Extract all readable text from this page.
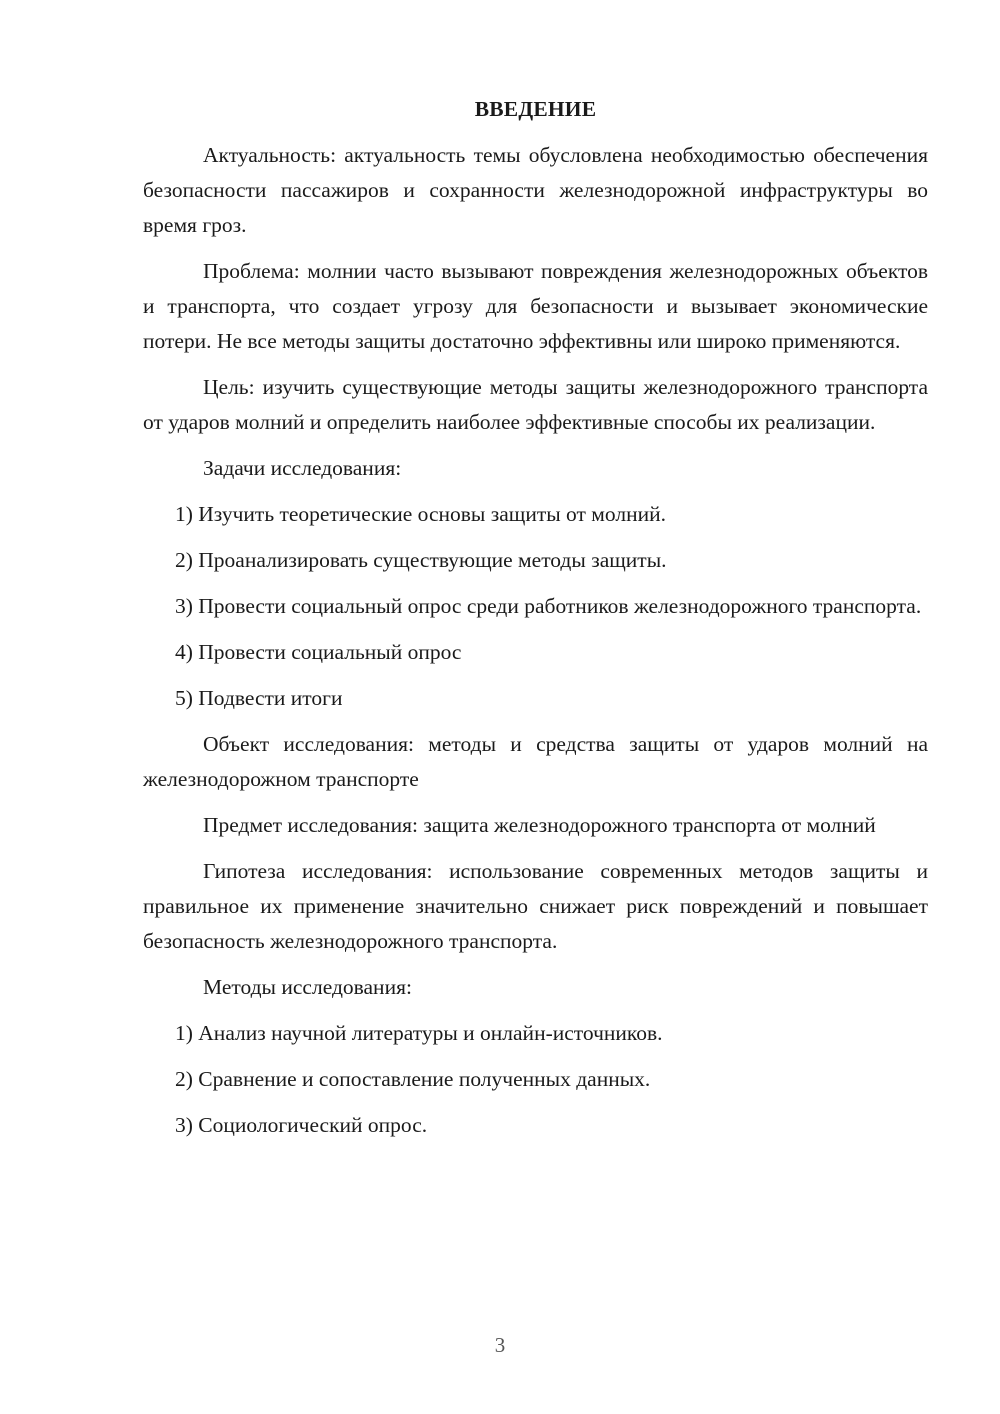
ВВЕДЕНИЕ

Актуальность: актуальность темы обусловлена необходимостью обеспечения безопасности пассажиров и сохранности железнодорожной инфраструктуры во время гроз.

Проблема: молнии часто вызывают повреждения железнодорожных объектов и транспорта, что создает угрозу для безопасности и вызывает экономические потери. Не все методы защиты достаточно эффективны или широко применяются.

Цель: изучить существующие методы защиты железнодорожного транспорта от ударов молний и определить наиболее эффективные способы их реализации.

Задачи исследования:

1) Изучить теоретические основы защиты от молний.

2) Проанализировать существующие методы защиты.

3) Провести социальный опрос среди работников железнодорожного транспорта.

4) Провести социальный опрос

5) Подвести итоги

Объект исследования: методы и средства защиты от ударов молний на железнодорожном транспорте

Предмет исследования: защита железнодорожного транспорта от молний

Гипотеза исследования: использование современных методов защиты и правильное их применение значительно снижает риск повреждений и повышает безопасность железнодорожного транспорта.

Методы исследования:

1) Анализ научной литературы и онлайн-источников.

2) Сравнение и сопоставление полученных данных.

3) Социологический опрос.

3
